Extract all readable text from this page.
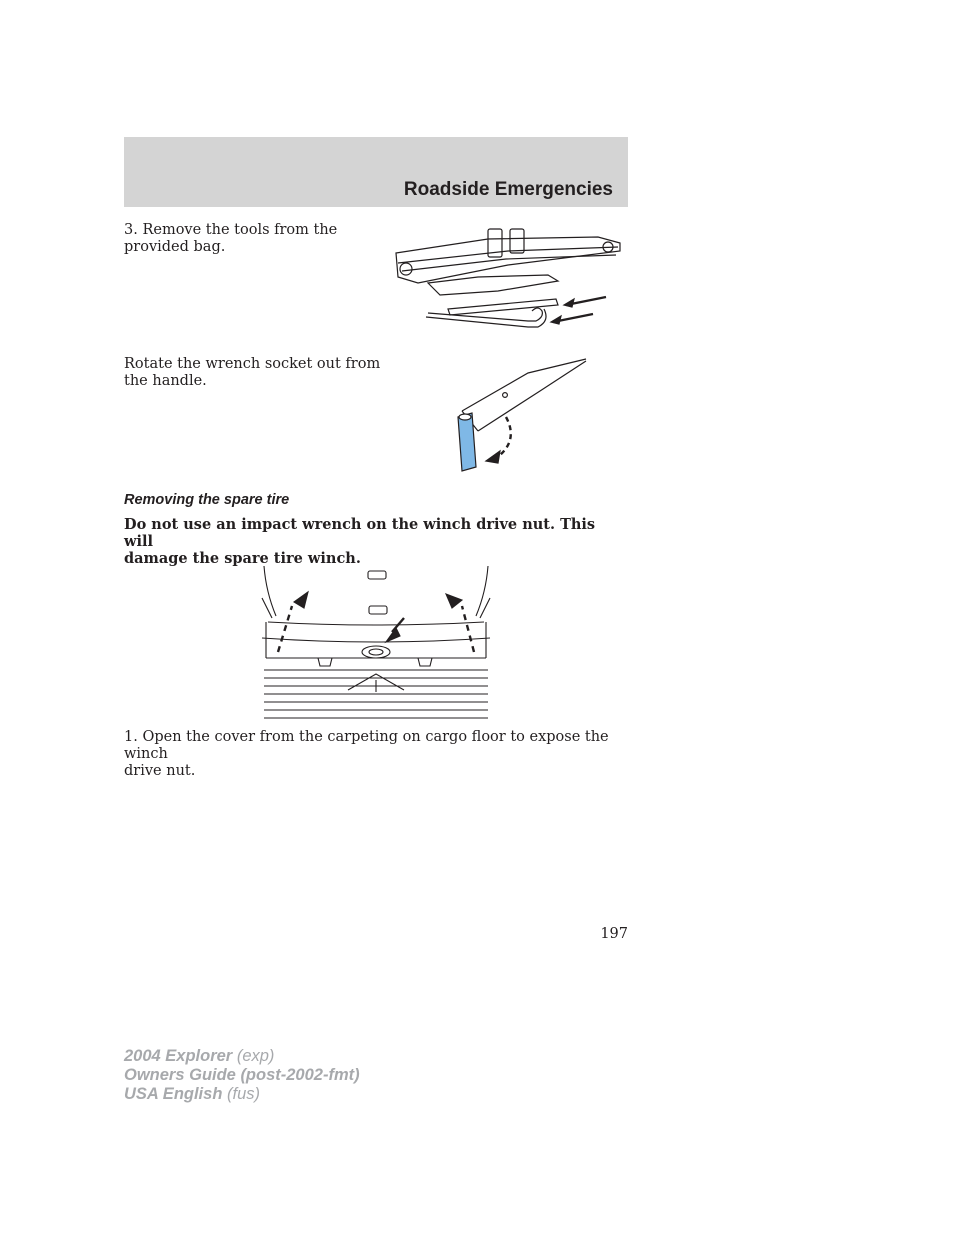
Roadside Emergencies
3. Remove the tools from the
provided bag.
Rotate the wrench socket out from
the handle.
Removing the spare tire
Do not use an impact wrench on the winch drive nut. This will
damage the spare tire winch.
1. Open the cover from the carpeting on cargo floor to expose the winch
drive nut.
197
2004 Explorer (exp)
Owners Guide (post-2002-fmt)
USA English (fus)
